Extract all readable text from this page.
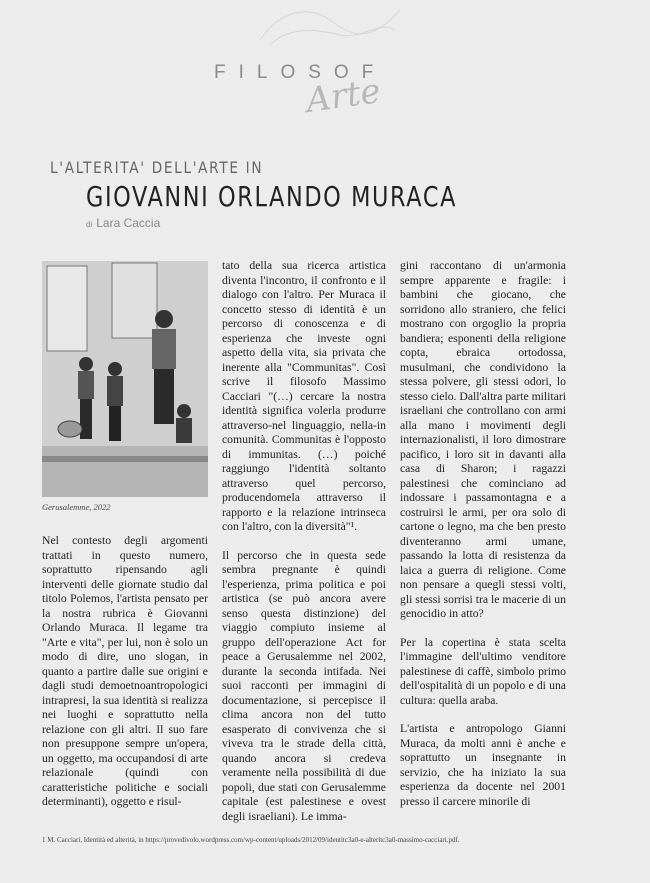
FILOSOF
Arte
L'ALTERITA' DELL'ARTE IN
GIOVANNI ORLANDO MURACA
di Lara Caccia
Gerusalemme, 2022

Nel contesto degli argomenti trattati in questo numero, soprattutto ripensando agli interventi delle giornate studio dal titolo Polemos, l'artista pensato per la nostra rubrica è Giovanni Orlando Muraca. Il legame tra "Arte e vita", per lui, non è solo un modo di dire, uno slogan, in quanto a partire dalle sue origini e dagli studi demoetnoantropologici intrapresi, la sua identità si realizza nei luoghi e soprattutto nella relazione con gli altri. Il suo fare non presuppone sempre un'opera, un oggetto, ma occupandosi di arte relazionale (quindi con caratteristiche politiche e sociali determinanti), oggetto e risul-

tato della sua ricerca artistica diventa l'incontro, il confronto e il dialogo con l'altro. Per Muraca il concetto stesso di identità è un percorso di conoscenza e di esperienza che investe ogni aspetto della vita, sia privata che inerente alla "Communitas". Così scrive il filosofo Massimo Cacciari "(…) cercare la nostra identità significa volerla produrre attraverso-nel linguaggio, nella-in comunità. Communitas è l'opposto di immunitas. (…) poiché raggiungo l'identità soltanto attraverso quel percorso, producendomela attraverso il rapporto e la relazione intrinseca con l'altro, con la diversità"¹.

Il percorso che in questa sede sembra pregnante è quindi l'esperienza, prima politica e poi artistica (se può ancora avere senso questa distinzione) del viaggio compiuto insieme al gruppo dell'operazione Act for peace a Gerusalemme nel 2002, durante la seconda intifada. Nei suoi racconti per immagini di documentazione, si percepisce il clima ancora non del tutto esasperato di convivenza che si viveva tra le strade della città, quando ancora si credeva veramente nella possibilità di due popoli, due stati con Gerusalemme capitale (est palestinese e ovest degli israeliani). Le imma-

gini raccontano di un'armonia sempre apparente e fragile: i bambini che giocano, che sorridono allo straniero, che felici mostrano con orgoglio la propria bandiera; esponenti della religione copta, ebraica ortodossa, musulmani, che condividono la stessa polvere, gli stessi odori, lo stesso cielo. Dall'altra parte militari israeliani che controllano con armi alla mano i movimenti degli internazionalisti, il loro dimostrare pacifico, i loro sit in davanti alla casa di Sharon; i ragazzi palestinesi che cominciano ad indossare i passamontagna e a costruirsi le armi, per ora solo di cartone o legno, ma che ben presto diventeranno armi umane, passando la lotta di resistenza da laica a guerra di religione. Come non pensare a quegli stessi volti, gli stessi sorrisi tra le macerie di un genocidio in atto?

Per la copertina è stata scelta l'immagine dell'ultimo venditore palestinese di caffè, simbolo primo dell'ospitalità di un popolo e di una cultura: quella araba.

L'artista e antropologo Gianni Muraca, da molti anni è anche e soprattutto un insegnante in servizio, che ha iniziato la sua esperienza da docente nel 2001 presso il carcere minorile di

1 M. Cacciari, Identità ed alterità, in https://provedivolo.wordpress.com/wp-content/uploads/2012/09/identitc3a0-e-alteritc3a0-massimo-cacciari.pdf.
